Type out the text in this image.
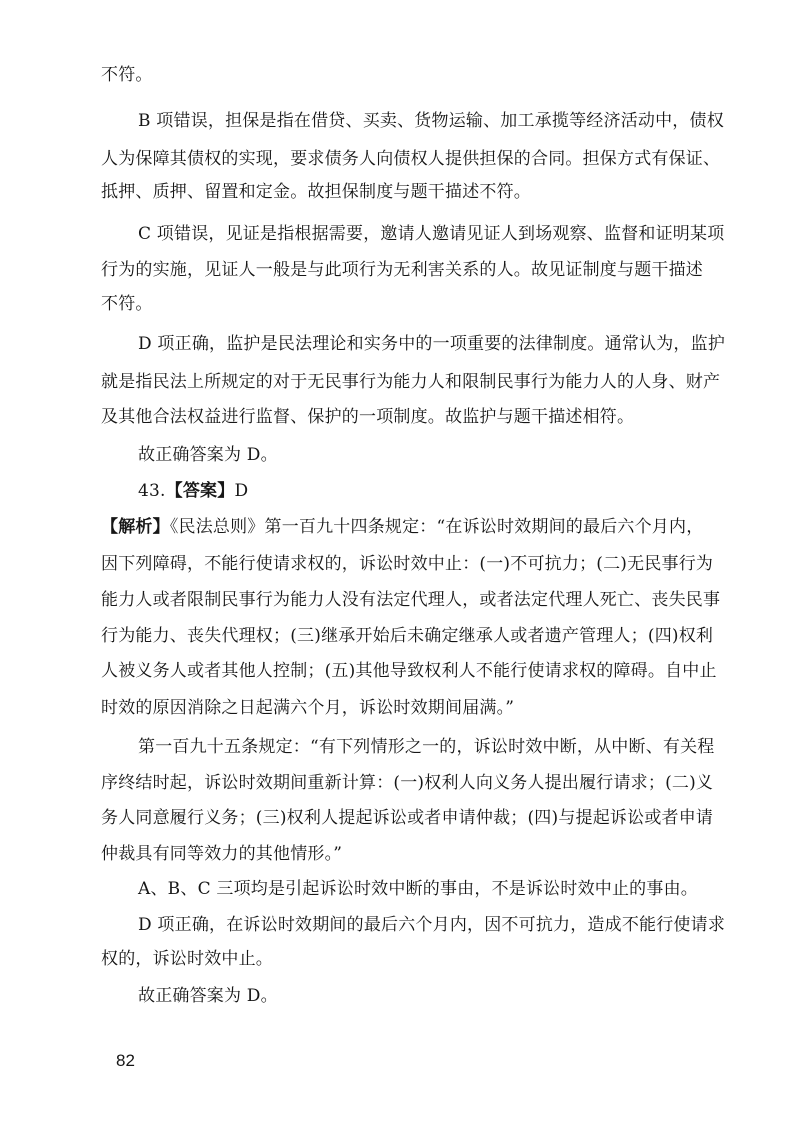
不符。

B 项错误，担保是指在借贷、买卖、货物运输、加工承揽等经济活动中，债权

人为保障其债权的实现，要求债务人向债权人提供担保的合同。担保方式有保证、

抵押、质押、留置和定金。故担保制度与题干描述不符。

C 项错误，见证是指根据需要，邀请人邀请见证人到场观察、监督和证明某项

行为的实施，见证人一般是与此项行为无利害关系的人。故见证制度与题干描述

不符。

D 项正确，监护是民法理论和实务中的一项重要的法律制度。通常认为，监护

就是指民法上所规定的对于无民事行为能力人和限制民事行为能力人的人身、财产

及其他合法权益进行监督、保护的一项制度。故监护与题干描述相符。

故正确答案为 D。

43.【答案】D

【解析】《民法总则》第一百九十四条规定：“在诉讼时效期间的最后六个月内，

因下列障碍，不能行使请求权的，诉讼时效中止：(一)不可抗力；(二)无民事行为

能力人或者限制民事行为能力人没有法定代理人，或者法定代理人死亡、丧失民事

行为能力、丧失代理权；(三)继承开始后未确定继承人或者遗产管理人；(四)权利

人被义务人或者其他人控制；(五)其他导致权利人不能行使请求权的障碍。自中止

时效的原因消除之日起满六个月，诉讼时效期间届满。”

第一百九十五条规定：“有下列情形之一的，诉讼时效中断，从中断、有关程

序终结时起，诉讼时效期间重新计算：(一)权利人向义务人提出履行请求；(二)义

务人同意履行义务；(三)权利人提起诉讼或者申请仲裁；(四)与提起诉讼或者申请

仲裁具有同等效力的其他情形。”

A、B、C 三项均是引起诉讼时效中断的事由，不是诉讼时效中止的事由。

D 项正确，在诉讼时效期间的最后六个月内，因不可抗力，造成不能行使请求

权的，诉讼时效中止。

故正确答案为 D。

82
